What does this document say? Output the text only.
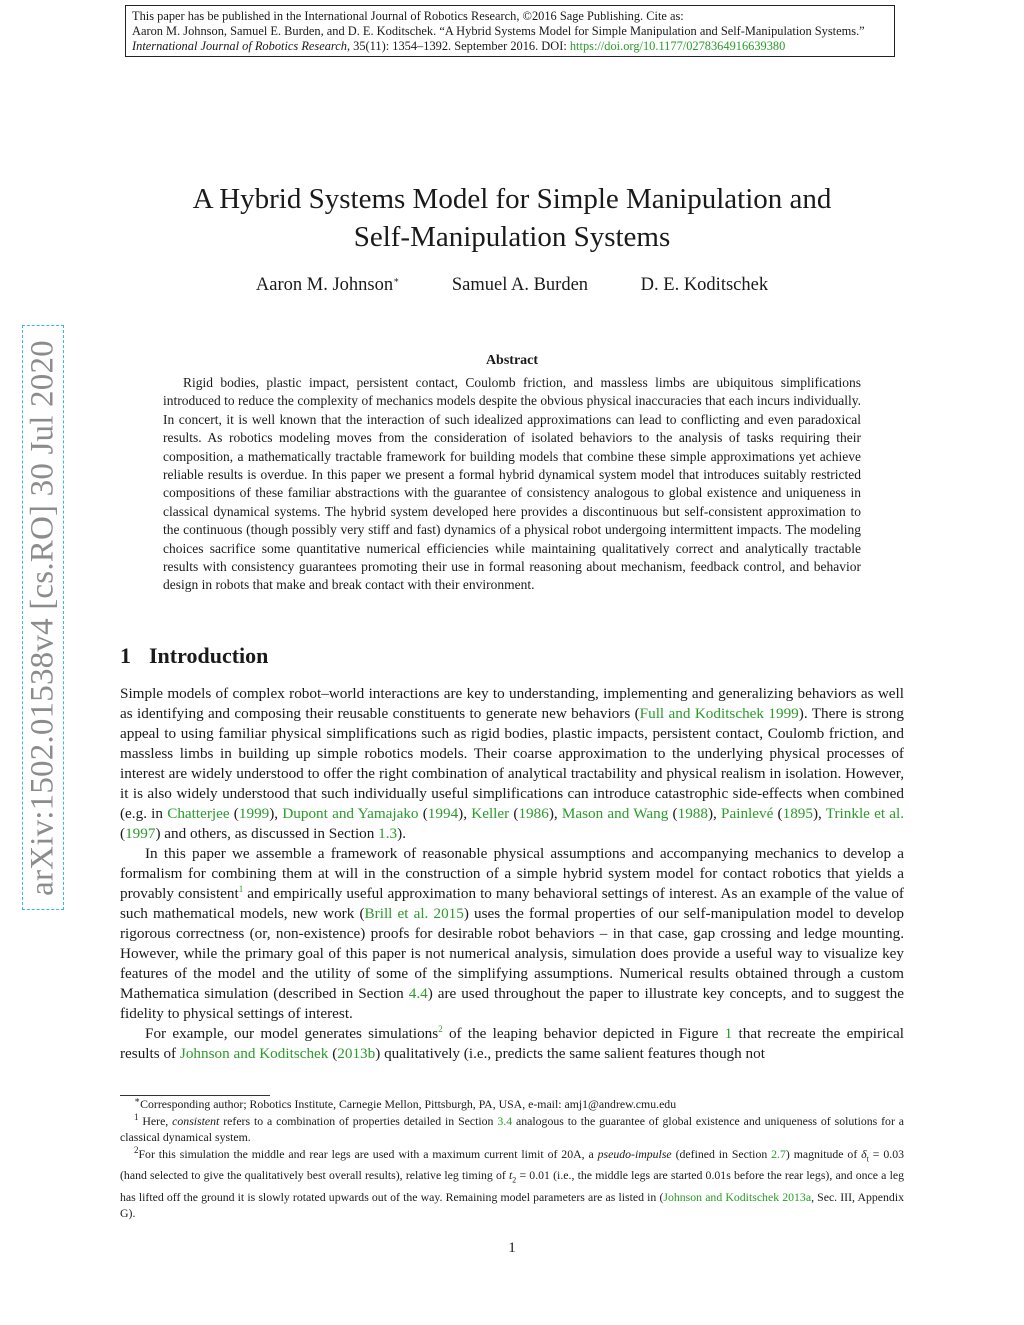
This paper has be published in the International Journal of Robotics Research, ©2016 Sage Publishing. Cite as:
Aaron M. Johnson, Samuel E. Burden, and D. E. Koditschek. “A Hybrid Systems Model for Simple Manipulation and Self-Manipulation Systems.”
International Journal of Robotics Research, 35(11): 1354–1392. September 2016. DOI: https://doi.org/10.1177/0278364916639380
arXiv:1502.01538v4 [cs.RO] 30 Jul 2020
A Hybrid Systems Model for Simple Manipulation and
Self-Manipulation Systems
Aaron M. Johnson∗	Samuel A. Burden	D. E. Koditschek
Abstract

Rigid bodies, plastic impact, persistent contact, Coulomb friction, and massless limbs are ubiquitous simplifications introduced to reduce the complexity of mechanics models despite the obvious physical inaccuracies that each incurs individually. In concert, it is well known that the interaction of such idealized approximations can lead to conflicting and even paradoxical results. As robotics modeling moves from the consideration of isolated behaviors to the analysis of tasks requiring their composition, a mathematically tractable framework for building models that combine these simple approximations yet achieve reliable results is overdue. In this paper we present a formal hybrid dynamical system model that introduces suitably restricted compositions of these familiar abstractions with the guarantee of consistency analogous to global existence and uniqueness in classical dynamical systems. The hybrid system developed here provides a discontinuous but self-consistent approximation to the continuous (though possibly very stiff and fast) dynamics of a physical robot undergoing intermittent impacts. The modeling choices sacrifice some quantitative numerical efficiencies while maintaining qualitatively correct and analytically tractable results with consistency guarantees promoting their use in formal reasoning about mechanism, feedback control, and behavior design in robots that make and break contact with their environment.

1 Introduction

Simple models of complex robot–world interactions are key to understanding, implementing and generalizing behaviors as well as identifying and composing their reusable constituents to generate new behaviors (Full and Koditschek 1999). There is strong appeal to using familiar physical simplifications such as rigid bodies, plastic impacts, persistent contact, Coulomb friction, and massless limbs in building up simple robotics models. Their coarse approximation to the underlying physical processes of interest are widely understood to offer the right combination of analytical tractability and physical realism in isolation. However, it is also widely understood that such individually useful simplifications can introduce catastrophic side-effects when combined (e.g. in Chatterjee (1999), Dupont and Yamajako (1994), Keller (1986), Mason and Wang (1988), Painlevé (1895), Trinkle et al. (1997) and others, as discussed in Section 1.3).

In this paper we assemble a framework of reasonable physical assumptions and accompanying mechanics to develop a formalism for combining them at will in the construction of a simple hybrid system model for contact robotics that yields a provably consistent$^1$ and empirically useful approximation to many behavioral settings of interest. As an example of the value of such mathematical models, new work (Brill et al. 2015) uses the formal properties of our self-manipulation model to develop rigorous correctness (or, non-existence) proofs for desirable robot behaviors – in that case, gap crossing and ledge mounting. However, while the primary goal of this paper is not numerical analysis, simulation does provide a useful way to visualize key features of the model and the utility of some of the simplifying assumptions. Numerical results obtained through a custom Mathematica simulation (described in Section 4.4) are used throughout the paper to illustrate key concepts, and to suggest the fidelity to physical settings of interest.

For example, our model generates simulations$^2$ of the leaping behavior depicted in Figure 1 that recreate the empirical results of Johnson and Koditschek (2013b) qualitatively (i.e., predicts the same salient features though not

∗Corresponding author; Robotics Institute, Carnegie Mellon, Pittsburgh, PA, USA, e-mail: amj1@andrew.cmu.edu

$^1$ Here, consistent refers to a combination of properties detailed in Section 3.4 analogous to the guarantee of global existence and uniqueness of solutions for a classical dynamical system.

$^2$For this simulation the middle and rear legs are used with a maximum current limit of 20A, a pseudo-impulse (defined in Section 2.7) magnitude of $\delta_t = 0.03$ (hand selected to give the qualitatively best overall results), relative leg timing of $t_2 = 0.01$ (i.e., the middle legs are started 0.01s before the rear legs), and once a leg has lifted off the ground it is slowly rotated upwards out of the way. Remaining model parameters are as listed in (Johnson and Koditschek 2013a, Sec. III, Appendix G).

1
